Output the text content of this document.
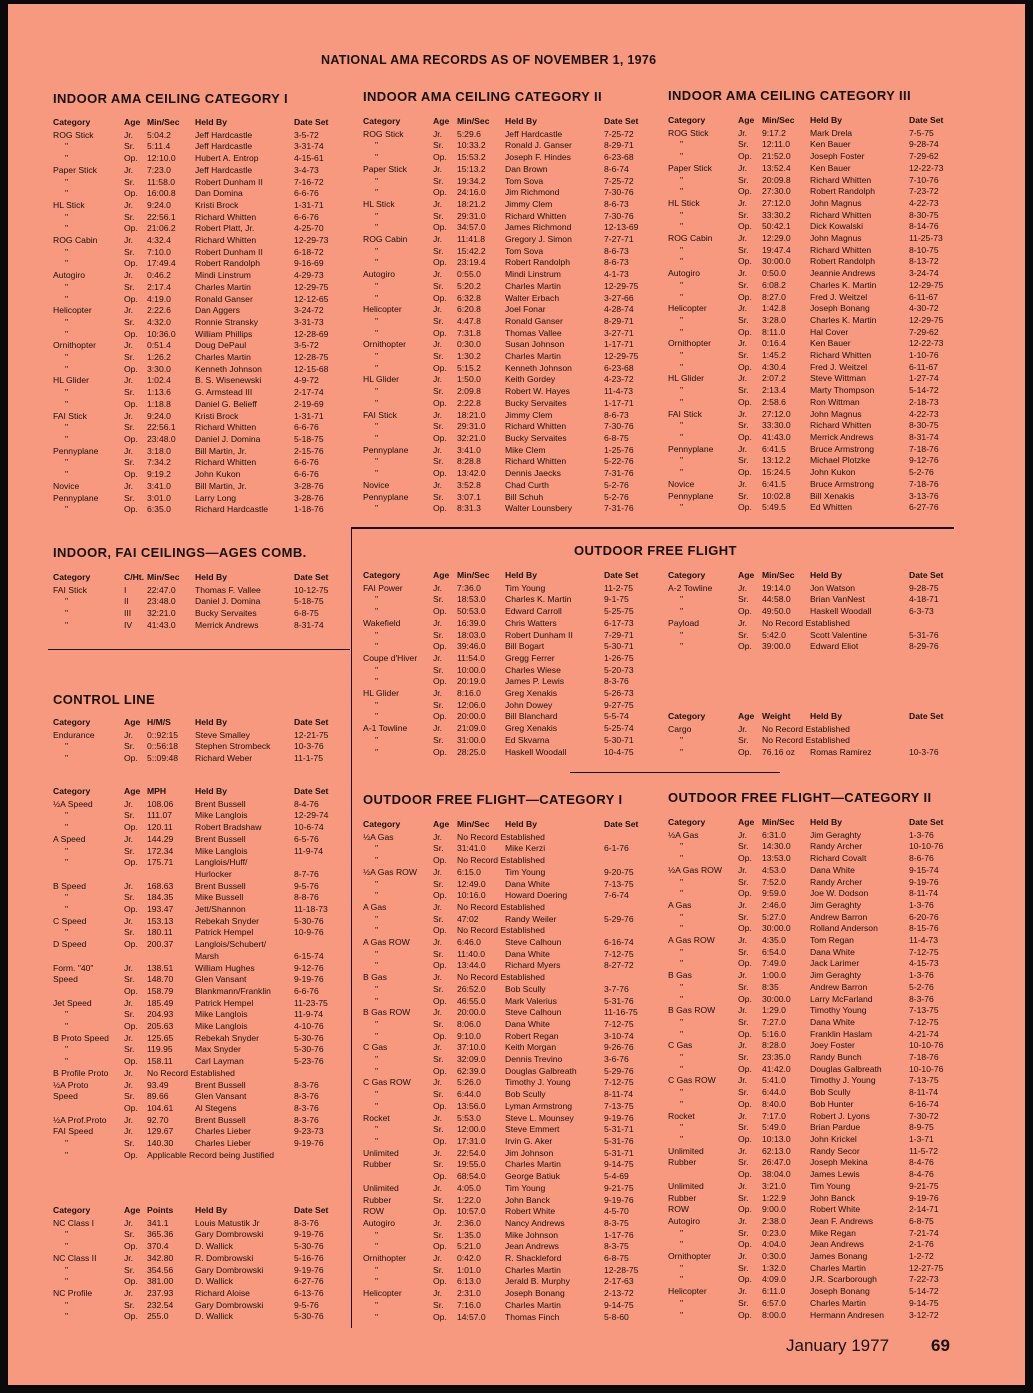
NATIONAL AMA RECORDS AS OF NOVEMBER 1, 1976
INDOOR AMA CEILING CATEGORY I	INDOOR AMA CEILING CATEGORY II	INDOOR AMA CEILING CATEGORY III
Category	Age	Min/Sec	Held By	Date Set
ROG Stick	Jr.	5:04.2	Jeff Hardcastle	3-5-72
"	Sr.	5:11.4	Jeff Hardcastle	3-31-74
"	Op.	12:10.0	Hubert A. Entrop	4-15-61
Paper Stick	Jr.	7:23.0	Jeff Hardcastle	3-4-73
"	Sr.	11:58.0	Robert Dunham II	7-16-72
"	Op.	16:00.8	Dan Domina	6-6-76
HL Stick	Jr.	9:24.0	Kristi Brock	1-31-71
"	Sr.	22:56.1	Richard Whitten	6-6-76
"	Op.	21:06.2	Robert Platt, Jr.	4-25-70
ROG Cabin	Jr.	4:32.4	Richard Whitten	12-29-73
"	Sr.	7:10.0	Robert Dunham II	6-18-72
"	Op.	17:49.4	Robert Randolph	9-16-69
Autogiro	Jr.	0:46.2	Mindi Linstrum	4-29-73
"	Sr.	2:17.4	Charles Martin	12-29-75
"	Op.	4:19.0	Ronald Ganser	12-12-65
Helicopter	Jr.	2:22.6	Dan Aggers	3-24-72
"	Sr.	4:32.0	Ronnie Stransky	3-31-73
"	Op.	10:36.0	William Phillips	12-28-69
Ornithopter	Jr.	0:51.4	Doug DePaul	3-5-72
"	Sr.	1:26.2	Charles Martin	12-28-75
"	Op.	3:30.0	Kenneth Johnson	12-15-68
HL Glider	Jr.	1:02.4	B. S. Wisenewski	4-9-72
"	Sr.	1:13.6	G. Armstead III	2-17-74
"	Op.	1:18.8	Daniel G. Belieff	2-19-69
FAI Stick	Jr.	9:24.0	Kristi Brock	1-31-71
"	Sr.	22:56.1	Richard Whitten	6-6-76
"	Op.	23:48.0	Daniel J. Domina	5-18-75
Pennyplane	Jr.	3:18.0	Bill Martin, Jr.	2-15-76
"	Sr.	7:34.2	Richard Whitten	6-6-76
"	Op.	9:19.2	John Kukon	6-6-76
Novice	Jr.	3:41.0	Bill Martin, Jr.	3-28-76
Pennyplane	Sr.	3:01.0	Larry Long	3-28-76
"	Op.	6:35.0	Richard Hardcastle	1-18-76
Category	Age	Min/Sec	Held By	Date Set
ROG Stick	Jr.	5:29.6	Jeff Hardcastle	7-25-72
"	Sr.	10:33.2	Ronald J. Ganser	8-29-71
"	Op.	15:53.2	Joseph F. Hindes	6-23-68
Paper Stick	Jr.	15:13.2	Dan Brown	8-6-74
"	Sr.	19:34.2	Tom Sova	7-25-72
"	Op.	24:16.0	Jim Richmond	7-30-76
HL Stick	Jr.	18:21.2	Jimmy Clem	8-6-73
"	Sr.	29:31.0	Richard Whitten	7-30-76
"	Op.	34:57.0	James Richmond	12-13-69
ROG Cabin	Jr.	11:41.8	Gregory J. Simon	7-27-71
"	Sr.	15:42.2	Tom Sova	8-6-73
"	Op.	23:19.4	Robert Randolph	8-6-73
Autogiro	Jr.	0:55.0	Mindi Linstrum	4-1-73
"	Sr.	5:20.2	Charles Martin	12-29-75
"	Op.	6:32.8	Walter Erbach	3-27-66
Helicopter	Jr.	6:20.8	Joel Fonar	4-28-74
"	Sr.	4:47.8	Ronald Ganser	8-29-71
"	Op.	7:31.8	Thomas Vallee	3-27-71
Ornithopter	Jr.	0:30.0	Susan Johnson	1-17-71
"	Sr.	1:30.2	Charles Martin	12-29-75
"	Op.	5:15.2	Kenneth Johnson	6-23-68
HL Glider	Jr.	1:50.0	Keith Gordey	4-23-72
"	Sr.	2:09.8	Robert W. Hayes	11-4-73
"	Op.	2:22.8	Bucky Servaites	1-17-71
FAI Stick	Jr.	18:21.0	Jimmy Clem	8-6-73
"	Sr.	29:31.0	Richard Whitten	7-30-76
"	Op.	32:21.0	Bucky Servaites	6-8-75
Pennyplane	Jr.	3:41.0	Mike Clem	1-25-76
"	Sr.	8:28.8	Richard Whitten	5-22-76
"	Op.	13:42.0	Dennis Jaecks	7-31-76
Novice	Jr.	3:52.8	Chad Curth	5-2-76
Pennyplane	Sr.	3:07.1	Bill Schuh	5-2-76
"	Op.	8:31.3	Walter Lounsbery	7-31-76
Category	Age	Min/Sec	Held By	Date Set
ROG Stick	Jr.	9:17.2	Mark Drela	7-5-75
"	Sr.	12:11.0	Ken Bauer	9-28-74
"	Op.	21:52.0	Joseph Foster	7-29-62
Paper Stick	Jr.	13:52.4	Ken Bauer	12-22-73
"	Sr.	20:09.8	Richard Whitten	7-10-76
"	Op.	27:30.0	Robert Randolph	7-23-72
HL Stick	Jr.	27:12.0	John Magnus	4-22-73
"	Sr.	33:30.2	Richard Whitten	8-30-75
"	Op.	50:42.1	Dick Kowalski	8-14-76
ROG Cabin	Jr.	12:29.0	John Magnus	11-25-73
"	Sr.	19:47.4	Richard Whitten	8-10-75
"	Op.	30:00.0	Robert Randolph	8-13-72
Autogiro	Jr.	0:50.0	Jeannie Andrews	3-24-74
"	Sr.	6:08.2	Charles K. Martin	12-29-75
"	Op.	8:27.0	Fred J. Weitzel	6-11-67
Helicopter	Jr.	1:42.8	Joseph Bonang	4-30-72
"	Sr.	3:28.0	Charles K. Martin	12-29-75
"	Op.	8:11.0	Hal Cover	7-29-62
Ornithopter	Jr.	0:16.4	Ken Bauer	12-22-73
"	Sr.	1:45.2	Richard Whitten	1-10-76
"	Op.	4:30.4	Fred J. Weitzel	6-11-67
HL Glider	Jr.	2:07.2	Steve Wittman	1-27-74
"	Sr.	2:13.4	Marty Thompson	5-14-72
"	Op.	2:58.6	Ron Wittman	2-18-73
FAI Stick	Jr.	27:12.0	John Magnus	4-22-73
"	Sr.	33:30.0	Richard Whitten	8-30-75
"	Op.	41:43.0	Merrick Andrews	8-31-74
Pennyplane	Jr.	6:41.5	Bruce Armstrong	7-18-76
"	Sr.	13:12.2	Michael Plotzke	9-12-76
"	Op.	15:24.5	John Kukon	5-2-76
Novice	Jr.	6:41.5	Bruce Armstrong	7-18-76
Pennyplane	Sr.	10:02.8	Bill Xenakis	3-13-76
"	Op.	5:49.5	Ed Whitten	6-27-76
INDOOR, FAI CEILINGS—AGES COMB.
Category	C/Ht.	Min/Sec	Held By	Date Set
FAI Stick	I	22:47.0	Thomas F. Vallee	10-12-75
"	II	23:48.0	Daniel J. Domina	5-18-75
"	III	32:21.0	Bucky Servaites	6-8-75
"	IV	41:43.0	Merrick Andrews	8-31-74
CONTROL LINE
Category	Age	H/M/S	Held By	Date Set
Endurance	Jr.	0::92:15	Steve Smalley	12-21-75
"	Sr.	0::56:18	Stephen Strombeck	10-3-76
"	Op.	5::09:48	Richard Weber	11-1-75
Category	Age	MPH	Held By	Date Set
½A Speed	Jr.	108.06	Brent Bussell	8-4-76
"	Sr.	111.07	Mike Langlois	12-29-74
"	Op.	120.11	Robert Bradshaw	10-6-74
A Speed	Jr.	144.29	Brent Bussell	6-5-76
"	Sr.	172.34	Mike Langlois	11-9-74
"	Op.	175.71	Langlois/Huff/	
			Hurlocker	8-7-76
B Speed	Jr.	168.63	Brent Bussell	9-5-76
"	Sr.	184.35	Mike Bussell	8-8-76
"	Op.	193.47	Jett/Shannon	11-18-73
C Speed	Jr.	153.13	Rebekah Snyder	5-30-76
"	Sr.	180.11	Patrick Hempel	10-9-76
D Speed	Op.	200.37	Langlois/Schubert/	
			Marsh	6-15-74
Form. "40"	Jr.	138.51	William Hughes	9-12-76
Speed	Sr.	148.70	Glen Vansant	9-19-76
	Op.	158.79	Blankmann/Franklin	6-6-76
Jet Speed	Jr.	185.49	Patrick Hempel	11-23-75
"	Sr.	204.93	Mike Langlois	11-9-74
"	Op.	205.63	Mike Langlois	4-10-76
B Proto Speed	Jr.	125.65	Rebekah Snyder	5-30-76
"	Sr.	119.95	Max Snyder	5-30-76
"	Op.	158.11	Carl Layman	5-23-76
B Profile Proto	Jr.	No Record Established		
½A Proto	Jr.	93.49	Brent Bussell	8-3-76
Speed	Sr.	89.66	Glen Vansant	8-3-76
	Op.	104.61	Al Stegens	8-3-76
½A Prof.Proto	Jr.	92.70	Brent Bussell	8-3-76
FAI Speed	Jr.	129.67	Charles Lieber	9-23-73
"	Sr.	140.30	Charles Lieber	9-19-76
"	Op.	Applicable Record being Justified		
Category	Age	Points	Held By	Date Set
NC Class I	Jr.	341.1	Louis Matustik Jr	8-3-76
"	Sr.	365.36	Gary Dombrowski	9-19-76
"	Op.	370.4	D. Wallick	5-30-76
NC Class II	Jr.	342.80	R. Dombrowski	5-16-76
"	Sr.	354.56	Gary Dombrowski	9-19-76
"	Op.	381.00	D. Wallick	6-27-76
NC Profile	Jr.	237.93	Richard Aloise	6-13-76
"	Sr.	232.54	Gary Dombrowski	9-5-76
"	Op.	255.0	D. Wallick	5-30-76
OUTDOOR FREE FLIGHT
Category	Age	Min/Sec	Held By	Date Set
FAI Power	Jr.	7:36.0	Tim Young	11-2-75
"	Sr.	18:53.0	Charles K. Martin	9-1-75
"	Op.	50:53.0	Edward Carroll	5-25-75
Wakefield	Jr.	16:39.0	Chris Watters	6-17-73
"	Sr.	18:03.0	Robert Dunham II	7-29-71
"	Op.	39:46.0	Bill Bogart	5-30-71
Coupe d'Hiver	Jr.	11:54.0	Gregg Ferrer	1-26-75
"	Sr.	10:00.0	Charles Wiese	5-20-73
"	Op.	20:19.0	James P. Lewis	8-3-76
HL Glider	Jr.	8:16.0	Greg Xenakis	5-26-73
"	Sr.	12:06.0	John Dowey	9-27-75
"	Op.	20:00.0	Bill Blanchard	5-5-74
A-1 Towline	Jr.	21:09.0	Greg Xenakis	5-25-74
"	Sr.	31:00.0	Ed Skvarna	5-30-71
"	Op.	28:25.0	Haskell Woodall	10-4-75
Category	Age	Min/Sec	Held By	Date Set
A-2 Towline	Jr.	19:14.0	Jon Watson	9-28-75
"	Sr.	44:58.0	Brian VanNest	4-18-71
"	Op.	49:50.0	Haskell Woodall	6-3-73
Payload	Jr.	No Record Established		
"	Sr.	5:42.0	Scott Valentine	5-31-76
"	Op.	39:00.0	Edward Eliot	8-29-76
Category	Age	Weight	Held By	Date Set
Cargo	Jr.	No Record Established		
"	Sr.	No Record Established		
"	Op.	76.16 oz	Romas Ramirez	10-3-76
OUTDOOR FREE FLIGHT—CATEGORY I	OUTDOOR FREE FLIGHT—CATEGORY II
Category	Age	Min/Sec	Held By	Date Set
½A Gas	Jr.	No Record Established		
"	Sr.	31:41.0	Mike Kerzi	6-1-76
"	Op.	No Record Established		
½A Gas ROW	Jr.	6:15.0	Tim Young	9-20-75
"	Sr.	12:49.0	Dana White	7-13-75
"	Op.	10:16.0	Howard Doering	7-6-74
A Gas	Jr.	No Record Established		
"	Sr.	47:02	Randy Weiler	5-29-76
"	Op.	No Record Established		
A Gas ROW	Jr.	6:46.0	Steve Calhoun	6-16-74
"	Sr.	11:40.0	Dana White	7-12-75
"	Op.	13:44.0	Richard Myers	8-27-72
B Gas	Jr.	No Record Established		
"	Sr.	26:52.0	Bob Scully	3-7-76
"	Op.	46:55.0	Mark Valerius	5-31-76
B Gas ROW	Jr.	20:00.0	Steve Calhoun	11-16-75
"	Sr.	8:06.0	Dana White	7-12-75
"	Op.	9:10.0	Robert Regan	3-10-74
C Gas	Jr.	37:10.0	Keith Morgan	9-26-76
"	Sr.	32:09.0	Dennis Trevino	3-6-76
"	Op.	62:39.0	Douglas Galbreath	5-29-76
C Gas ROW	Jr.	5:26.0	Timothy J. Young	7-12-75
"	Sr.	6:44.0	Bob Scully	8-11-74
"	Op.	13:56.0	Lyman Armstrong	7-13-75
Rocket	Jr.	5:53.0	Steve L. Mounsey	9-19-76
"	Sr.	12:00.0	Steve Emmert	5-31-71
"	Op.	17:31.0	Irvin G. Aker	5-31-76
Unlimited	Jr.	22:54.0	Jim Johnson	5-31-71
Rubber	Sr.	19:55.0	Charles Martin	9-14-75
	Op.	68:54.0	George Batiuk	5-4-69
Unlimited	Jr.	4:05.0	Tim Young	9-21-75
Rubber	Sr.	1:22.0	John Banck	9-19-76
ROW	Op.	10:57.0	Robert White	4-5-70
Autogiro	Jr.	2:36.0	Nancy Andrews	8-3-75
"	Sr.	1:35.0	Mike Johnson	1-17-76
"	Op.	5:21.0	Jean Andrews	8-3-75
Ornithopter	Jr.	0:42.0	R. Shackleford	6-8-75
"	Sr.	1:01.0	Charles Martin	12-28-75
"	Op.	6:13.0	Jerald B. Murphy	2-17-63
Helicopter	Jr.	2:31.0	Joseph Bonang	2-13-72
"	Sr.	7:16.0	Charles Martin	9-14-75
"	Op.	14:57.0	Thomas Finch	5-8-60
Category	Age	Min/Sec	Held By	Date Set
½A Gas	Jr.	6:31.0	Jim Geraghty	1-3-76
"	Sr.	14:30.0	Randy Archer	10-10-76
"	Op.	13:53.0	Richard Covalt	8-6-76
½A Gas ROW	Jr.	4:53.0	Dana White	9-15-74
"	Sr.	7:52.0	Randy Archer	9-19-76
"	Op.	9:59.0	Joe W. Dodson	8-11-74
A Gas	Jr.	2:46.0	Jim Geraghty	1-3-76
"	Sr.	5:27.0	Andrew Barron	6-20-76
"	Op.	30:00.0	Rolland Anderson	8-15-76
A Gas ROW	Jr.	4:35.0	Tom Regan	11-4-73
"	Sr.	6:54.0	Dana White	7-12-75
"	Op.	7:49.0	Jack Larimer	4-15-73
B Gas	Jr.	1:00.0	Jim Geraghty	1-3-76
"	Sr.	8:35	Andrew Barron	5-2-76
"	Op.	30:00.0	Larry McFarland	8-3-76
B Gas ROW	Jr.	1:29.0	Timothy Young	7-13-75
"	Sr.	7:27.0	Dana White	7-12-75
"	Op.	5:16.0	Franklin Haslam	4-21-74
C Gas	Jr.	8:28.0	Joey Foster	10-10-76
"	Sr.	23:35.0	Randy Bunch	7-18-76
"	Op.	41:42.0	Douglas Galbreath	10-10-76
C Gas ROW	Jr.	5:41.0	Timothy J. Young	7-13-75
"	Sr.	6:44.0	Bob Scully	8-11-74
"	Op.	8:40.0	Bob Hunter	6-16-74
Rocket	Jr.	7:17.0	Robert J. Lyons	7-30-72
"	Sr.	5:49.0	Brian Pardue	8-9-75
"	Op.	10:13.0	John Krickel	1-3-71
Unlimited	Jr.	62:13.0	Randy Secor	11-5-72
Rubber	Sr.	26:47.0	Joseph Mekina	8-4-76
	Op.	38:04.0	James Lewis	8-4-76
Unlimited	Jr.	3:21.0	Tim Young	9-21-75
Rubber	Sr.	1:22.9	John Banck	9-19-76
ROW	Op.	9:00.0	Robert White	2-14-71
Autogiro	Jr.	2:38.0	Jean F. Andrews	6-8-75
"	Sr.	0:23.0	Mike Regan	7-21-74
"	Op.	4:04.0	Jean Andrews	2-1-76
Ornithopter	Jr.	0:30.0	James Bonang	1-2-72
"	Sr.	1:32.0	Charles Martin	12-27-75
"	Op.	4:09.0	J.R. Scarborough	7-22-73
Helicopter	Jr.	6:11.0	Joseph Bonang	5-14-72
"	Sr.	6:57.0	Charles Martin	9-14-75
"	Op.	8:00.0	Hermann Andresen	3-12-72
January 1977 69
